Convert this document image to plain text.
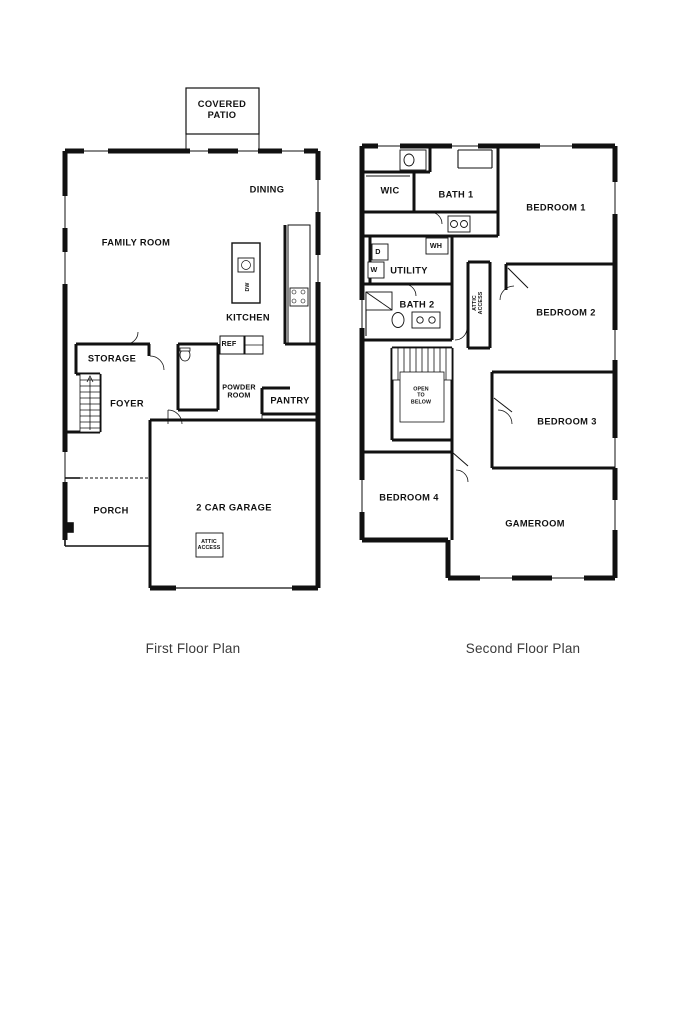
First Floor Plan	Second Floor Plan
COVERED
PATIO
DINING
FAMILY ROOM
KITCHEN
STORAGE
FOYER
POWDER
ROOM
PANTRY
REF
DW
PORCH	2 CAR GARAGE
ATTIC
ACCESS
WIC	BATH 1
BEDROOM 1
UTILITY
WH
D
W
BATH 2	ATTIC
ACCESS	BEDROOM 2
OPEN
TO
BELOW
BEDROOM 3
BEDROOM 4
GAMEROOM
